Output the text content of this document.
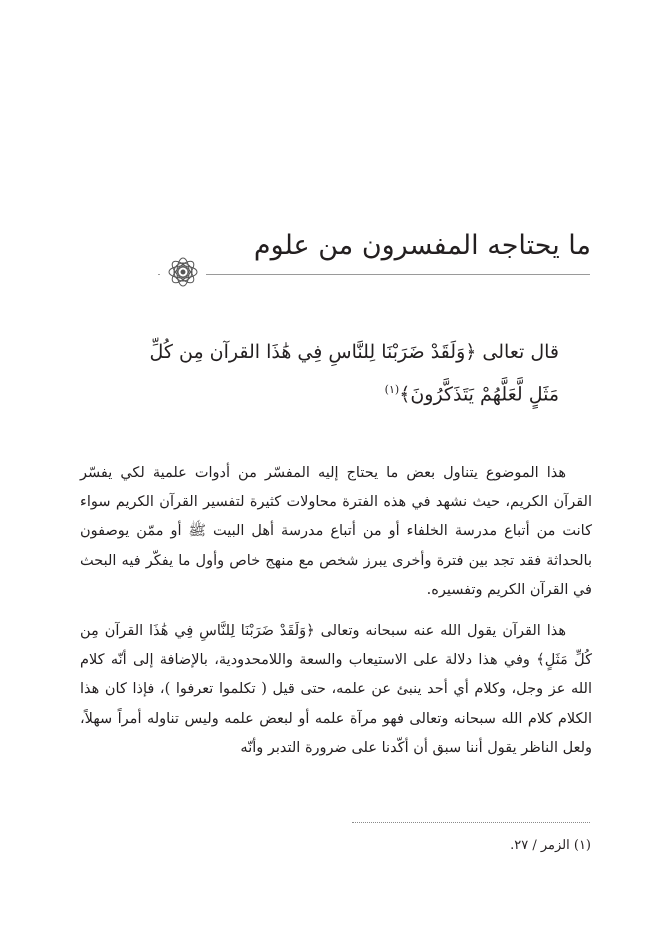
ما يحتاجه المفسرون من علوم
قال تعالى ﴿وَلَقَدْ ضَرَبْنَا لِلنَّاسِ فِي هَٰذَا القرآن مِن كُلِّ
مَثَلٍ لَّعَلَّهُمْ يَتَذَكَّرُونَ﴾$^{(١)}$

هذا الموضوع يتناول بعض ما يحتاج إليه المفسّر من أدوات علمية لكي يفسّر القرآن الكريم، حيث نشهد في هذه الفترة محاولات كثيرة لتفسير القرآن الكريم سواء كانت من أتباع مدرسة الخلفاء أو من أتباع مدرسة أهل البيت ﷺ أو ممّن يوصفون بالحداثة فقد تجد بين فترة وأخرى يبرز شخص مع منهج خاص وأول ما يفكّر فيه البحث في القرآن الكريم وتفسيره.

هذا القرآن يقول الله عنه سبحانه وتعالى ﴿وَلَقَدْ ضَرَبْنَا لِلنَّاسِ فِي هَٰذَا القرآن مِن كُلِّ مَثَلٍ﴾ وفي هذا دلالة على الاستيعاب والسعة واللامحدودية، بالإضافة إلى أنّه كلام الله عز وجل، وكلام أي أحد ينبئ عن علمه، حتى قيل ( تكلموا تعرفوا )، فإذا كان هذا الكلام كلام الله سبحانه وتعالى فهو مرآة علمه أو لبعض علمه وليس تناوله أمراً سهلاً، ولعل الناظر يقول أننا سبق أن أكّدنا على ضرورة التدبر وأنّه

(١) الزمر / ٢٧.
